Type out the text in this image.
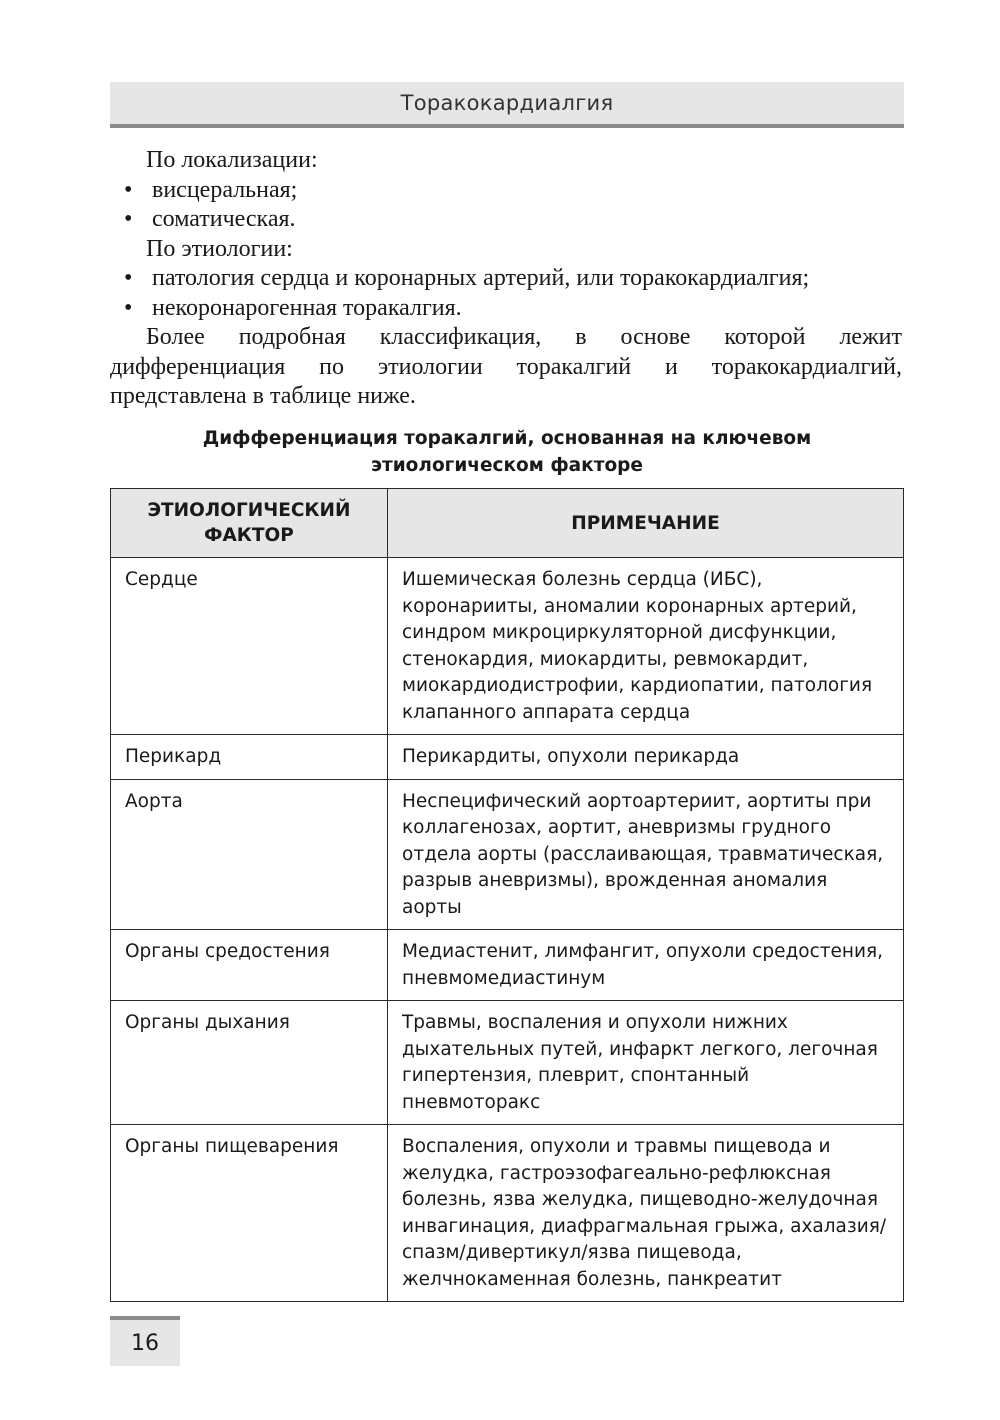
Торакокардиалгия

По локализации:

• висцеральная;
• соматическая.

По этиологии:

• патология сердца и коронарных артерий, или торакокардиалгия;
• некоронарогенная торакалгия.

Более подробная классификация, в основе которой лежит дифференциация по этиологии торакалгий и торакокардиалгий, представлена в таблице ниже.

Дифференциация торакалгий, основанная на ключевом
этиологическом факторе
ЭТИОЛОГИЧЕСКИЙ ФАКТОР	ПРИМЕЧАНИЕ
Сердце	Ишемическая болезнь сердца (ИБС), коронарииты, аномалии коронарных артерий, синдром микроциркуляторной дисфункции, стенокардия, миокардиты, ревмокардит, миокардиодистрофии, кардиопатии, патология клапанного аппарата сердца
Перикард	Перикардиты, опухоли перикарда
Аорта	Неспецифический аортоартериит, аортиты при коллагенозах, аортит, аневризмы грудного отдела аорты (расслаивающая, травматическая, разрыв аневризмы), врожденная аномалия аорты
Органы средостения	Медиастенит, лимфангит, опухоли средостения, пневмомедиастинум
Органы дыхания	Травмы, воспаления и опухоли нижних дыхательных путей, инфаркт легкого, легочная гипертензия, плеврит, спонтанный пневмоторакс
Органы пищеварения	Воспаления, опухоли и травмы пищевода и желудка, гастроэзофагеально-рефлюксная болезнь, язва желудка, пищеводно-желудочная инвагинация, диафрагмальная грыжа, ахалазия/спазм/дивертикул/язва пищевода, желчнокаменная болезнь, панкреатит
16
